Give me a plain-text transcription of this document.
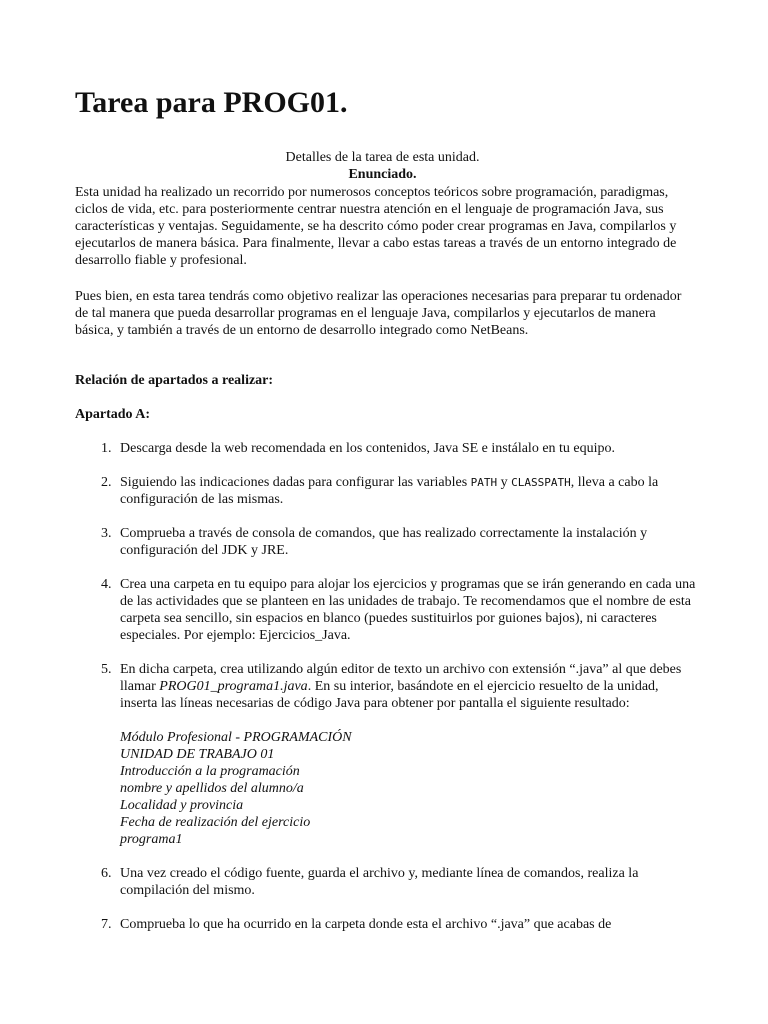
Tarea para PROG01.
Detalles de la tarea de esta unidad.
Enunciado.

Esta unidad ha realizado un recorrido por numerosos conceptos teóricos sobre programación, paradigmas, ciclos de vida, etc. para posteriormente centrar nuestra atención en el lenguaje de programación Java, sus características y ventajas. Seguidamente, se ha descrito cómo poder crear programas en Java, compilarlos y ejecutarlos de manera básica. Para finalmente, llevar a cabo estas tareas a través de un entorno integrado de desarrollo fiable y profesional.

Pues bien, en esta tarea tendrás como objetivo realizar las operaciones necesarias para preparar tu ordenador de tal manera que pueda desarrollar programas en el lenguaje Java, compilarlos y ejecutarlos de manera básica, y también a través de un entorno de desarrollo integrado como NetBeans.

Relación de apartados a realizar:
Apartado A:
1. Descarga desde la web recomendada en los contenidos, Java SE e instálalo en tu equipo.
2. Siguiendo las indicaciones dadas para configurar las variables PATH y CLASSPATH, lleva a cabo la configuración de las mismas.
3. Comprueba a través de consola de comandos, que has realizado correctamente la instalación y configuración del JDK y JRE.
4. Crea una carpeta en tu equipo para alojar los ejercicios y programas que se irán generando en cada una de las actividades que se planteen en las unidades de trabajo. Te recomendamos que el nombre de esta carpeta sea sencillo, sin espacios en blanco (puedes sustituirlos por guiones bajos), ni caracteres especiales. Por ejemplo: Ejercicios_Java.
5. En dicha carpeta, crea utilizando algún editor de texto un archivo con extensión “.java” al que debes llamar PROG01_programa1.java. En su interior, basándote en el ejercicio resuelto de la unidad, inserta las líneas necesarias de código Java para obtener por pantalla el siguiente resultado:
Módulo Profesional - PROGRAMACIÓN
UNIDAD DE TRABAJO 01
Introducción a la programación
nombre y apellidos del alumno/a
Localidad y provincia
Fecha de realización del ejercicio
programa1
6. Una vez creado el código fuente, guarda el archivo y, mediante línea de comandos, realiza la compilación del mismo.
7. Comprueba lo que ha ocurrido en la carpeta donde esta el archivo “.java” que acabas de
